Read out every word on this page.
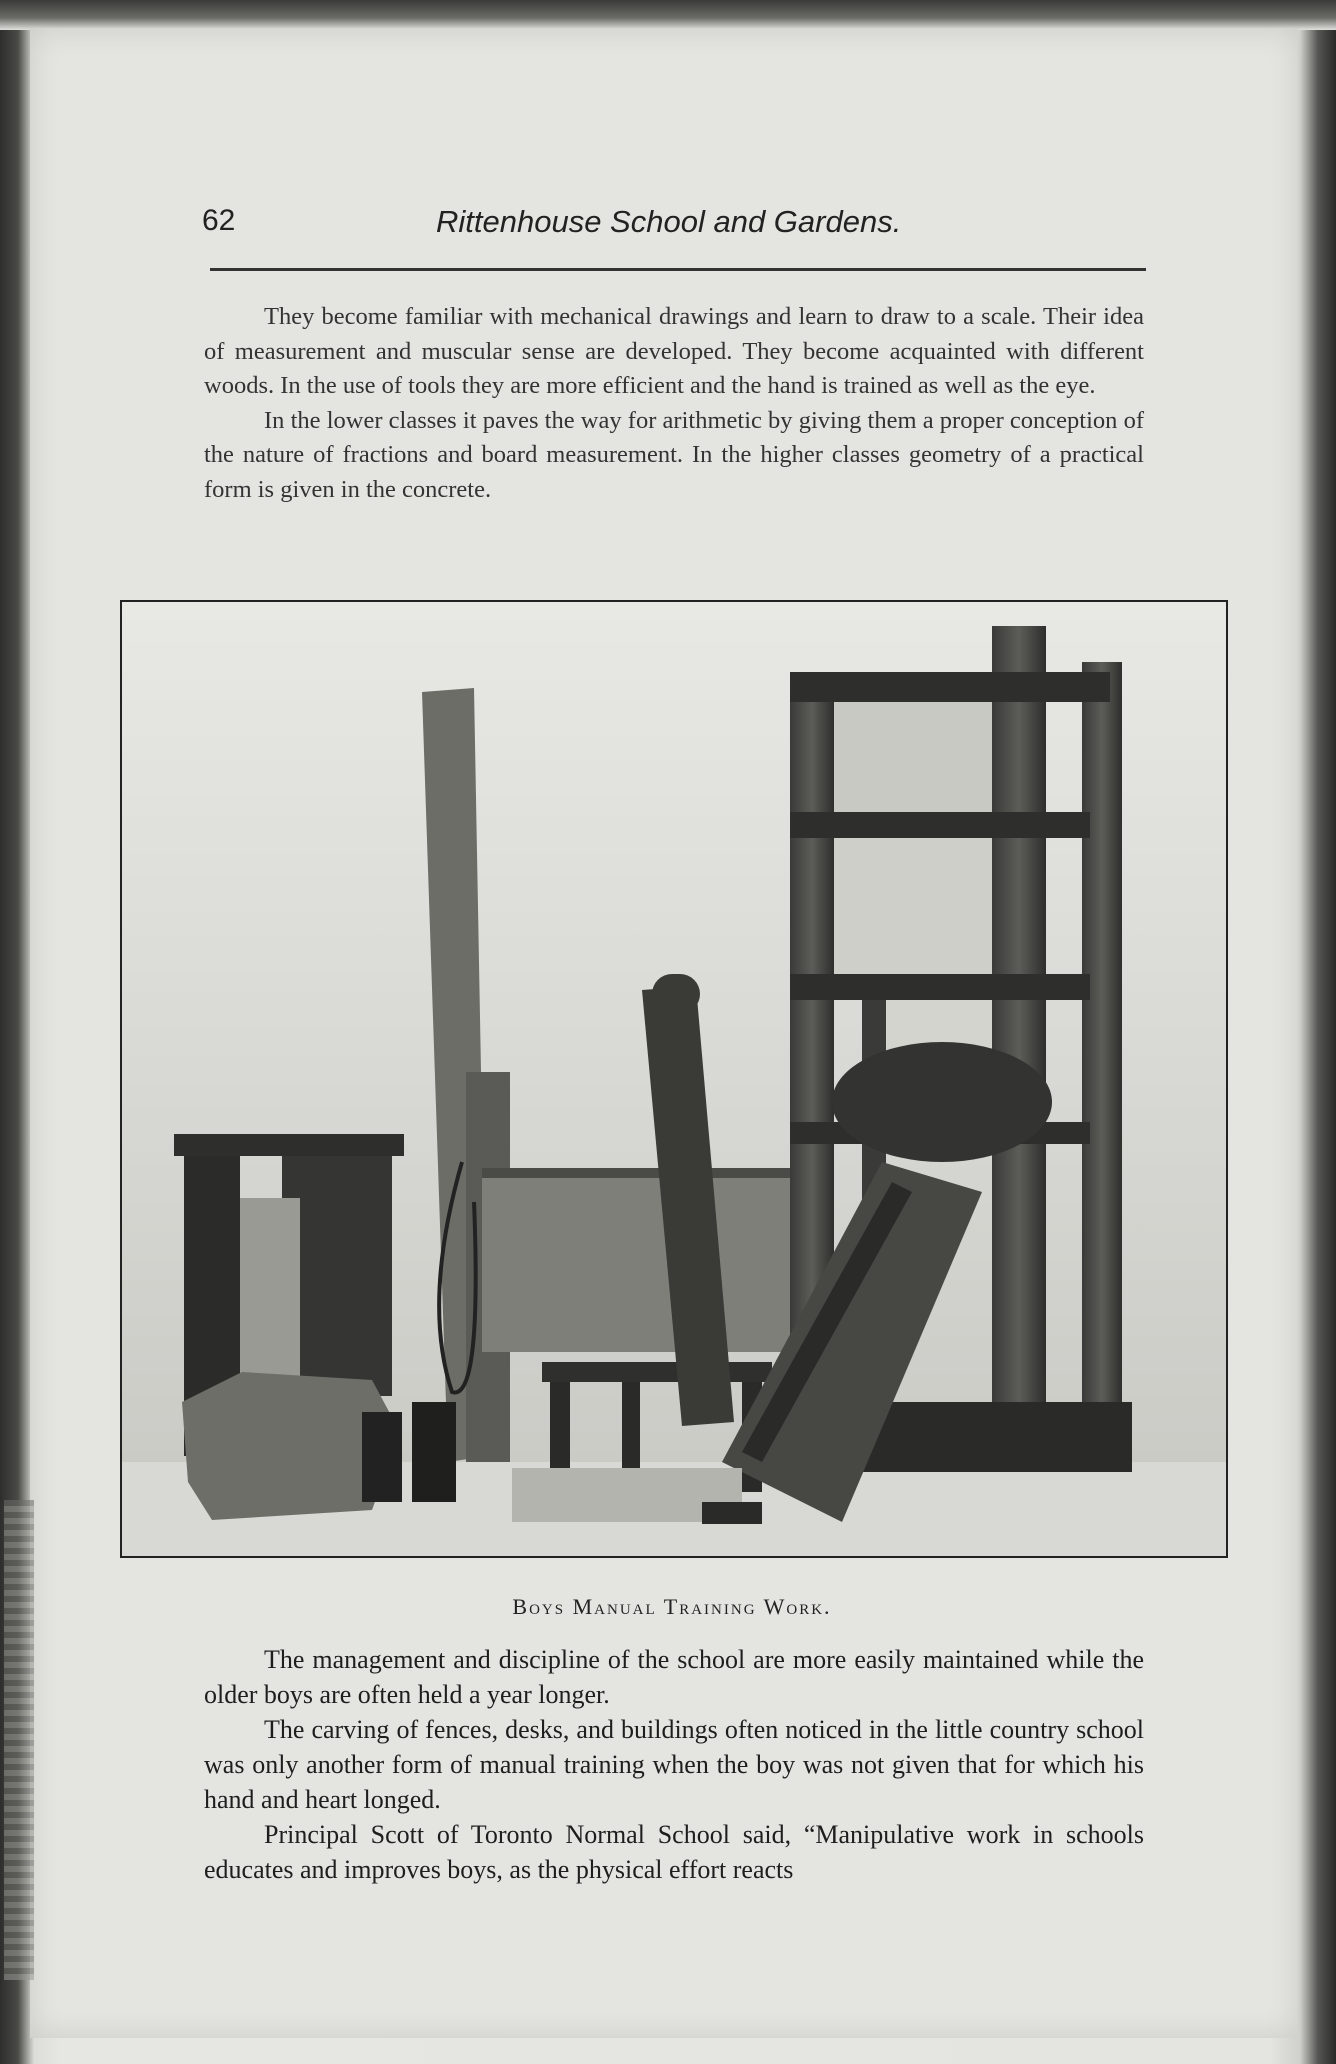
62	Rittenhouse School and Gardens.

They become familiar with mechanical drawings and learn to draw to a scale. Their idea of measurement and muscular sense are developed. They become acquainted with different woods. In the use of tools they are more efficient and the hand is trained as well as the eye.

In the lower classes it paves the way for arithmetic by giving them a proper conception of the nature of fractions and board measurement. In the higher classes geometry of a practical form is given in the concrete.

Boys Manual Training Work.

The management and discipline of the school are more easily maintained while the older boys are often held a year longer.

The carving of fences, desks, and buildings often noticed in the little country school was only another form of manual training when the boy was not given that for which his hand and heart longed.

Principal Scott of Toronto Normal School said, “Manipulative work in schools educates and improves boys, as the physical effort reacts
